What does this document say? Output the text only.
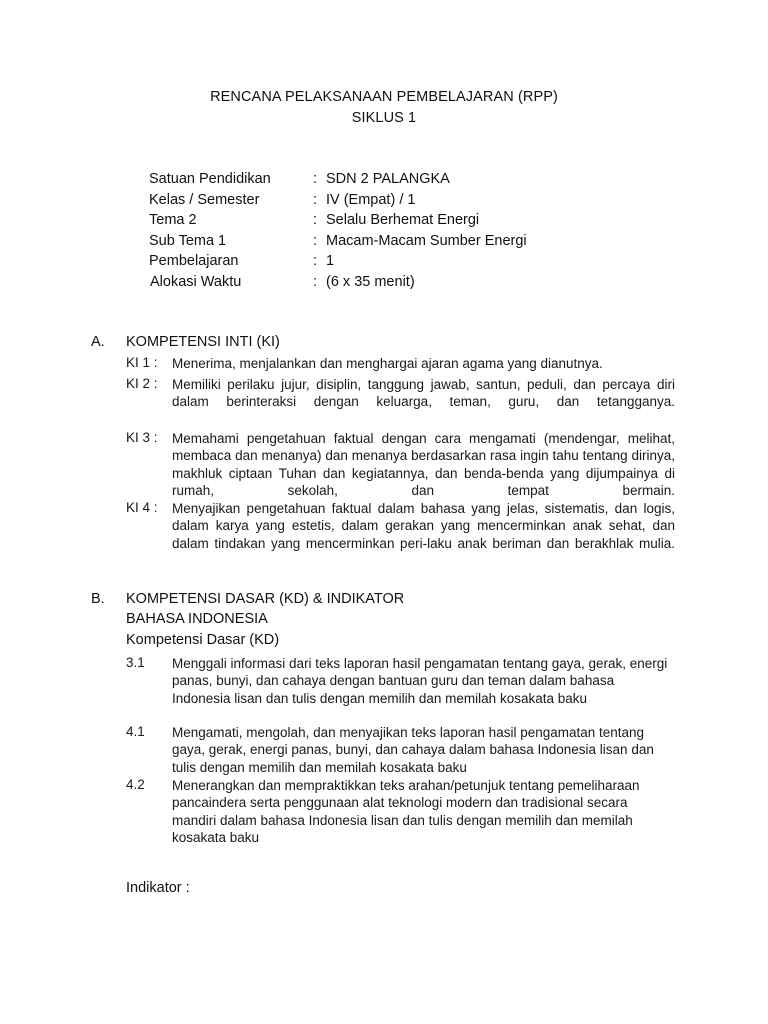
RENCANA PELAKSANAAN PEMBELAJARAN (RPP)
SIKLUS 1
Satuan Pendidikan	: SDN 2 PALANGKA
Kelas / Semester	: IV (Empat) / 1
Tema 2	: Selalu Berhemat Energi
Sub Tema 1	: Macam-Macam Sumber Energi
Pembelajaran	: 1
Alokasi Waktu	: (6 x 35 menit)
A. KOMPETENSI INTI (KI)
KI 1 : Menerima, menjalankan dan menghargai ajaran agama yang dianutnya.
KI 2 : Memiliki perilaku jujur, disiplin, tanggung jawab, santun, peduli, dan percaya diri dalam berinteraksi dengan keluarga, teman, guru, dan tetangganya.
KI 3 : Memahami pengetahuan faktual dengan cara mengamati (mendengar, melihat, membaca dan menanya) dan menanya berdasarkan rasa ingin tahu tentang dirinya, makhluk ciptaan Tuhan dan kegiatannya, dan benda-benda yang dijumpainya di rumah, sekolah, dan tempat bermain.
KI 4 : Menyajikan pengetahuan faktual dalam bahasa yang jelas, sistematis, dan logis, dalam karya yang estetis, dalam gerakan yang mencerminkan anak sehat, dan dalam tindakan yang mencerminkan peri-laku anak beriman dan berakhlak mulia.
B. KOMPETENSI DASAR (KD) & INDIKATOR
BAHASA INDONESIA
Kompetensi Dasar (KD)
3.1 Menggali informasi dari teks laporan hasil pengamatan tentang gaya, gerak, energi panas, bunyi, dan cahaya dengan bantuan guru dan teman dalam bahasa Indonesia lisan dan tulis dengan memilih dan memilah kosakata baku
4.1 Mengamati, mengolah, dan menyajikan teks laporan hasil pengamatan tentang gaya, gerak, energi panas, bunyi, dan cahaya dalam bahasa Indonesia lisan dan tulis dengan memilih dan memilah kosakata baku
4.2 Menerangkan dan mempraktikkan teks arahan/petunjuk tentang pemeliharaan pancaindera serta penggunaan alat teknologi modern dan tradisional secara mandiri dalam bahasa Indonesia lisan dan tulis dengan memilih dan memilah kosakata baku
Indikator :
